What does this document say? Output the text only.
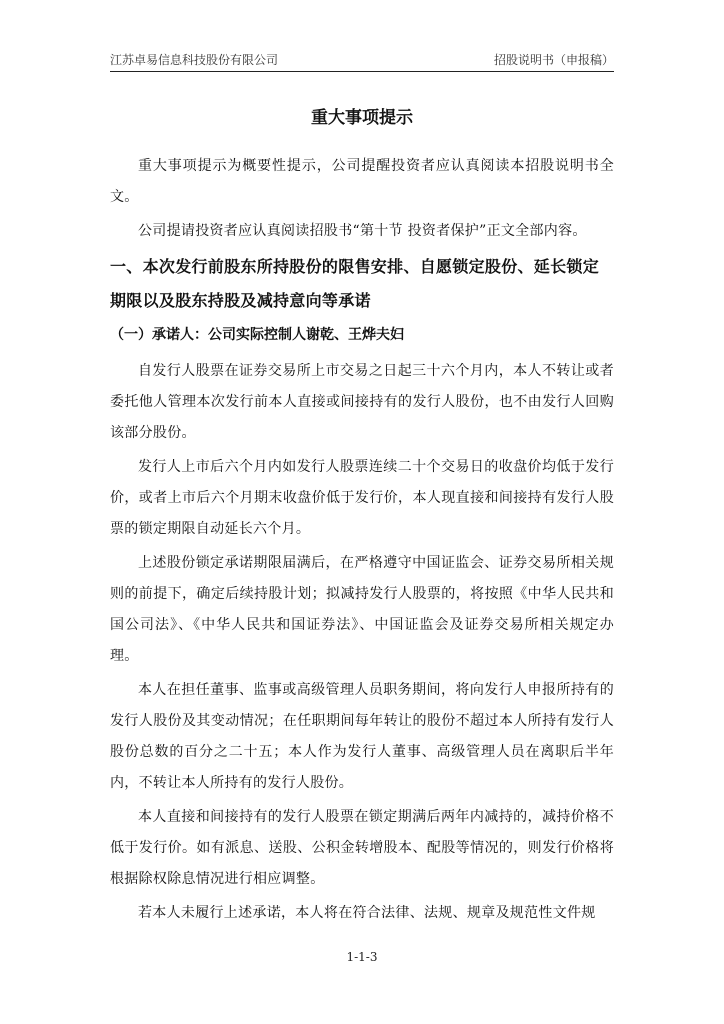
江苏卓易信息科技股份有限公司	招股说明书（申报稿）
重大事项提示

重大事项提示为概要性提示，公司提醒投资者应认真阅读本招股说明书全文。

公司提请投资者应认真阅读招股书“第十节 投资者保护”正文全部内容。

一、本次发行前股东所持股份的限售安排、自愿锁定股份、延长锁定期限以及股东持股及减持意向等承诺
（一）承诺人：公司实际控制人谢乾、王烨夫妇

自发行人股票在证券交易所上市交易之日起三十六个月内，本人不转让或者委托他人管理本次发行前本人直接或间接持有的发行人股份，也不由发行人回购该部分股份。

发行人上市后六个月内如发行人股票连续二十个交易日的收盘价均低于发行价，或者上市后六个月期末收盘价低于发行价，本人现直接和间接持有发行人股票的锁定期限自动延长六个月。

上述股份锁定承诺期限届满后，在严格遵守中国证监会、证券交易所相关规则的前提下，确定后续持股计划；拟减持发行人股票的，将按照《中华人民共和国公司法》、《中华人民共和国证券法》、中国证监会及证券交易所相关规定办理。

本人在担任董事、监事或高级管理人员职务期间，将向发行人申报所持有的发行人股份及其变动情况；在任职期间每年转让的股份不超过本人所持有发行人股份总数的百分之二十五；本人作为发行人董事、高级管理人员在离职后半年内，不转让本人所持有的发行人股份。

本人直接和间接持有的发行人股票在锁定期满后两年内减持的，减持价格不低于发行价。如有派息、送股、公积金转增股本、配股等情况的，则发行价格将根据除权除息情况进行相应调整。

若本人未履行上述承诺，本人将在符合法律、法规、规章及规范性文件规

1-1-3
